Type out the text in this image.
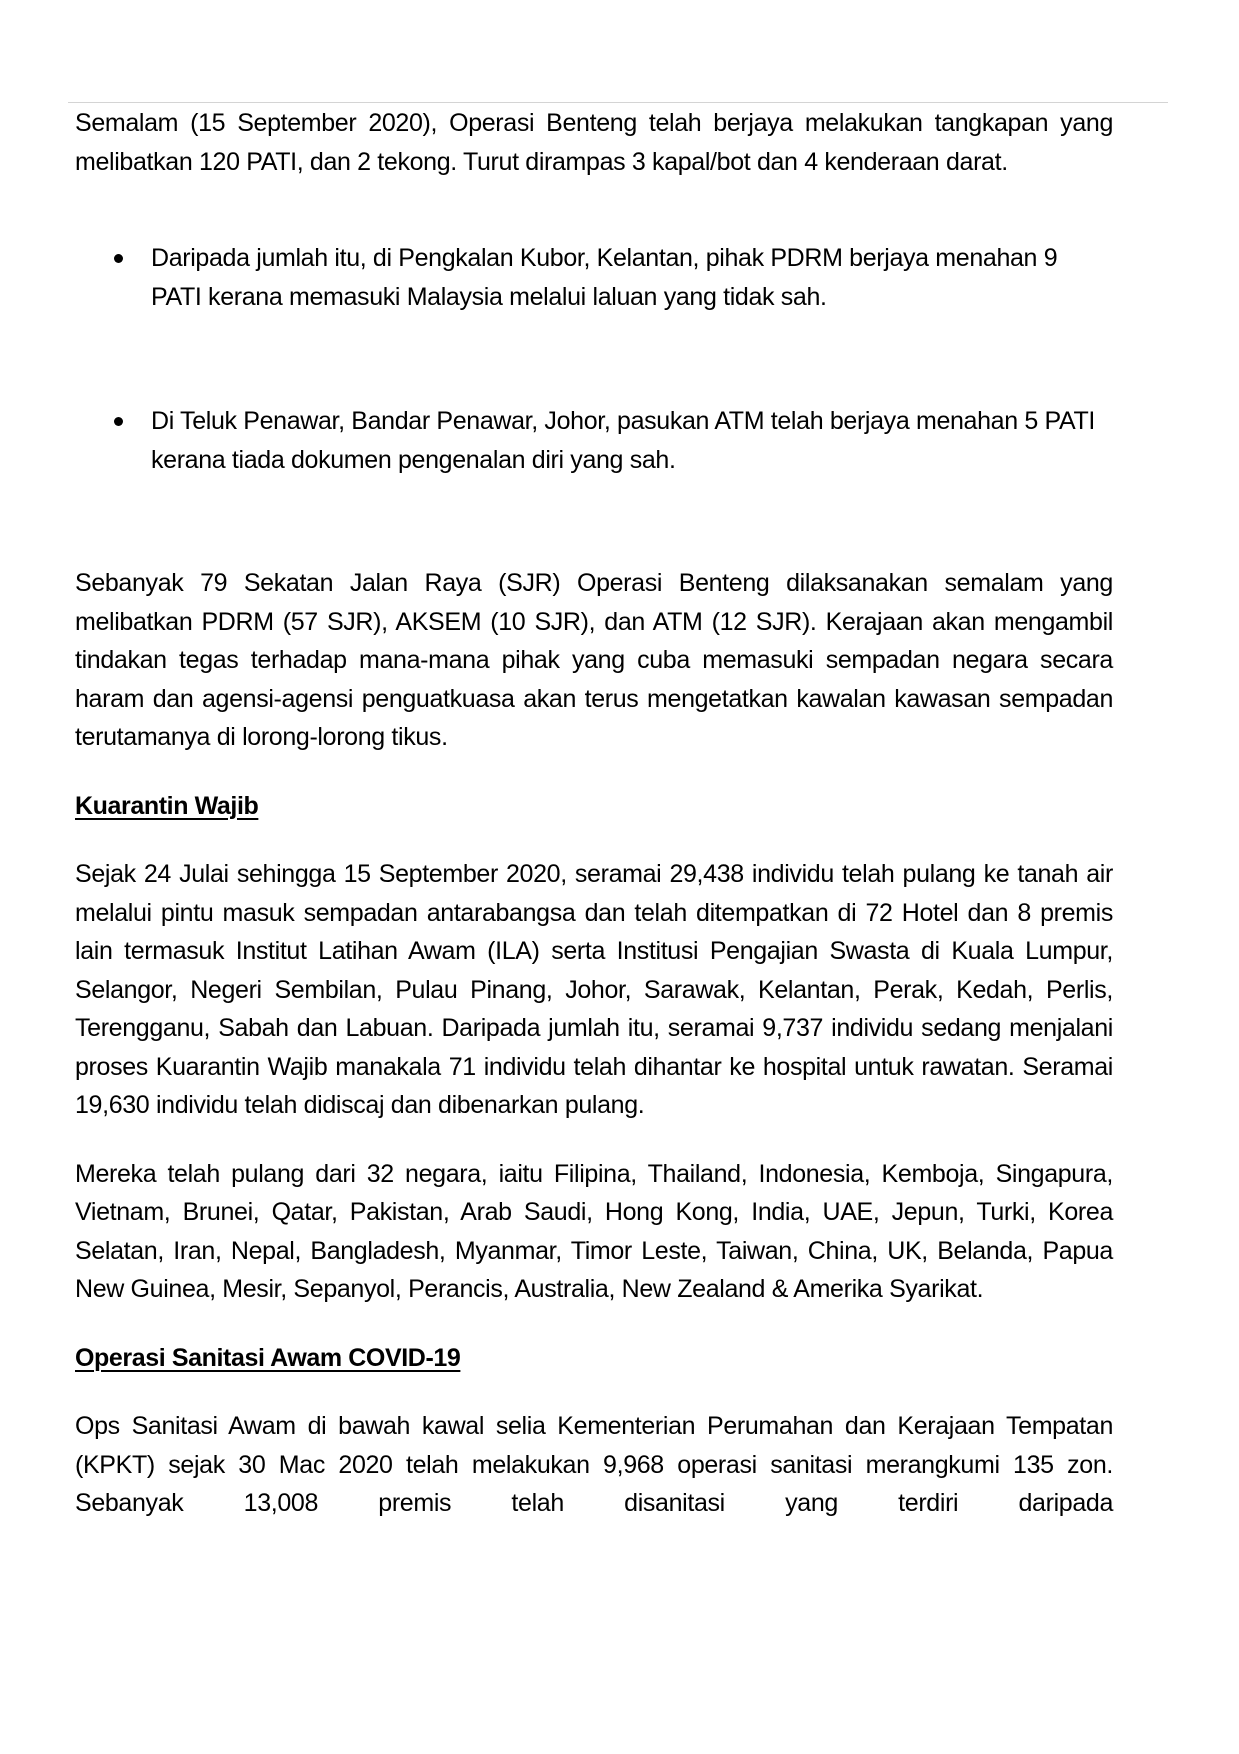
Semalam (15 September 2020), Operasi Benteng telah berjaya melakukan tangkapan yang melibatkan 120 PATI, dan 2 tekong. Turut dirampas 3 kapal/bot dan 4 kenderaan darat.

Daripada jumlah itu, di Pengkalan Kubor, Kelantan, pihak PDRM berjaya menahan 9 PATI kerana memasuki Malaysia melalui laluan yang tidak sah.
Di Teluk Penawar, Bandar Penawar, Johor, pasukan ATM telah berjaya menahan 5 PATI kerana tiada dokumen pengenalan diri yang sah.

Sebanyak 79 Sekatan Jalan Raya (SJR) Operasi Benteng dilaksanakan semalam yang melibatkan PDRM (57 SJR), AKSEM (10 SJR), dan ATM (12 SJR). Kerajaan akan mengambil tindakan tegas terhadap mana-mana pihak yang cuba memasuki sempadan negara secara haram dan agensi-agensi penguatkuasa akan terus mengetatkan kawalan kawasan sempadan terutamanya di lorong-lorong tikus.

Kuarantin Wajib

Sejak 24 Julai sehingga 15 September 2020, seramai 29,438 individu telah pulang ke tanah air melalui pintu masuk sempadan antarabangsa dan telah ditempatkan di 72 Hotel dan 8 premis lain termasuk Institut Latihan Awam (ILA) serta Institusi Pengajian Swasta di Kuala Lumpur, Selangor, Negeri Sembilan, Pulau Pinang, Johor, Sarawak, Kelantan, Perak, Kedah, Perlis, Terengganu, Sabah dan Labuan. Daripada jumlah itu, seramai 9,737 individu sedang menjalani proses Kuarantin Wajib manakala 71 individu telah dihantar ke hospital untuk rawatan. Seramai 19,630 individu telah didiscaj dan dibenarkan pulang.

Mereka telah pulang dari 32 negara, iaitu Filipina, Thailand, Indonesia, Kemboja, Singapura, Vietnam, Brunei, Qatar, Pakistan, Arab Saudi, Hong Kong, India, UAE, Jepun, Turki, Korea Selatan, Iran, Nepal, Bangladesh, Myanmar, Timor Leste, Taiwan, China, UK, Belanda, Papua New Guinea, Mesir, Sepanyol, Perancis, Australia, New Zealand & Amerika Syarikat.

Operasi Sanitasi Awam COVID-19

Ops Sanitasi Awam di bawah kawal selia Kementerian Perumahan dan Kerajaan Tempatan (KPKT) sejak 30 Mac 2020 telah melakukan 9,968 operasi sanitasi merangkumi 135 zon. Sebanyak 13,008 premis telah disanitasi yang terdiri daripada
